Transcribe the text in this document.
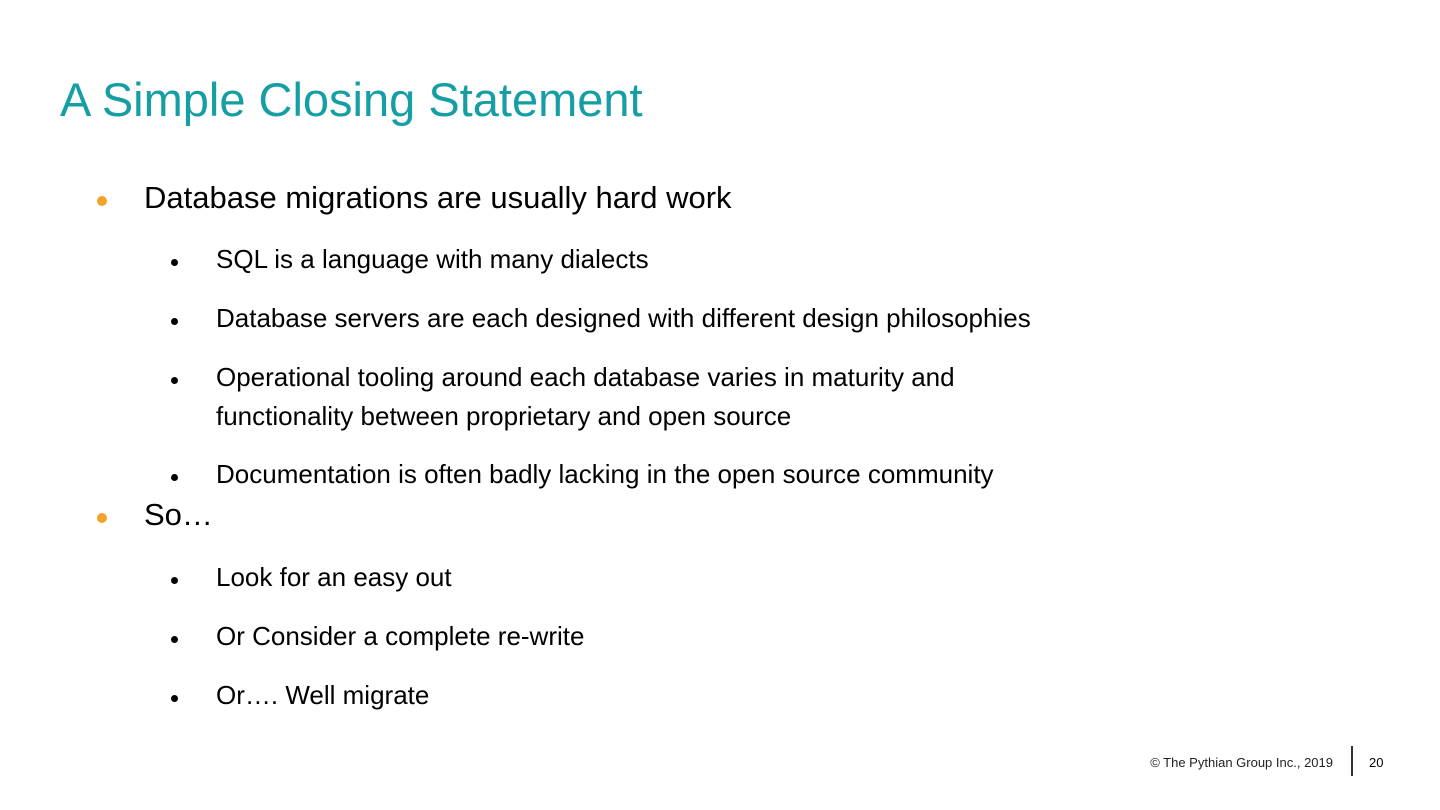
A Simple Closing Statement
Database migrations are usually hard work
SQL is a language with many dialects
Database servers are each designed with different design philosophies
Operational tooling around each database varies in maturity and functionality between proprietary and open source
Documentation is often badly lacking in the open source community
So…
Look for an easy out
Or Consider a complete re-write
Or…. Well migrate
© The Pythian Group Inc., 2019	20
